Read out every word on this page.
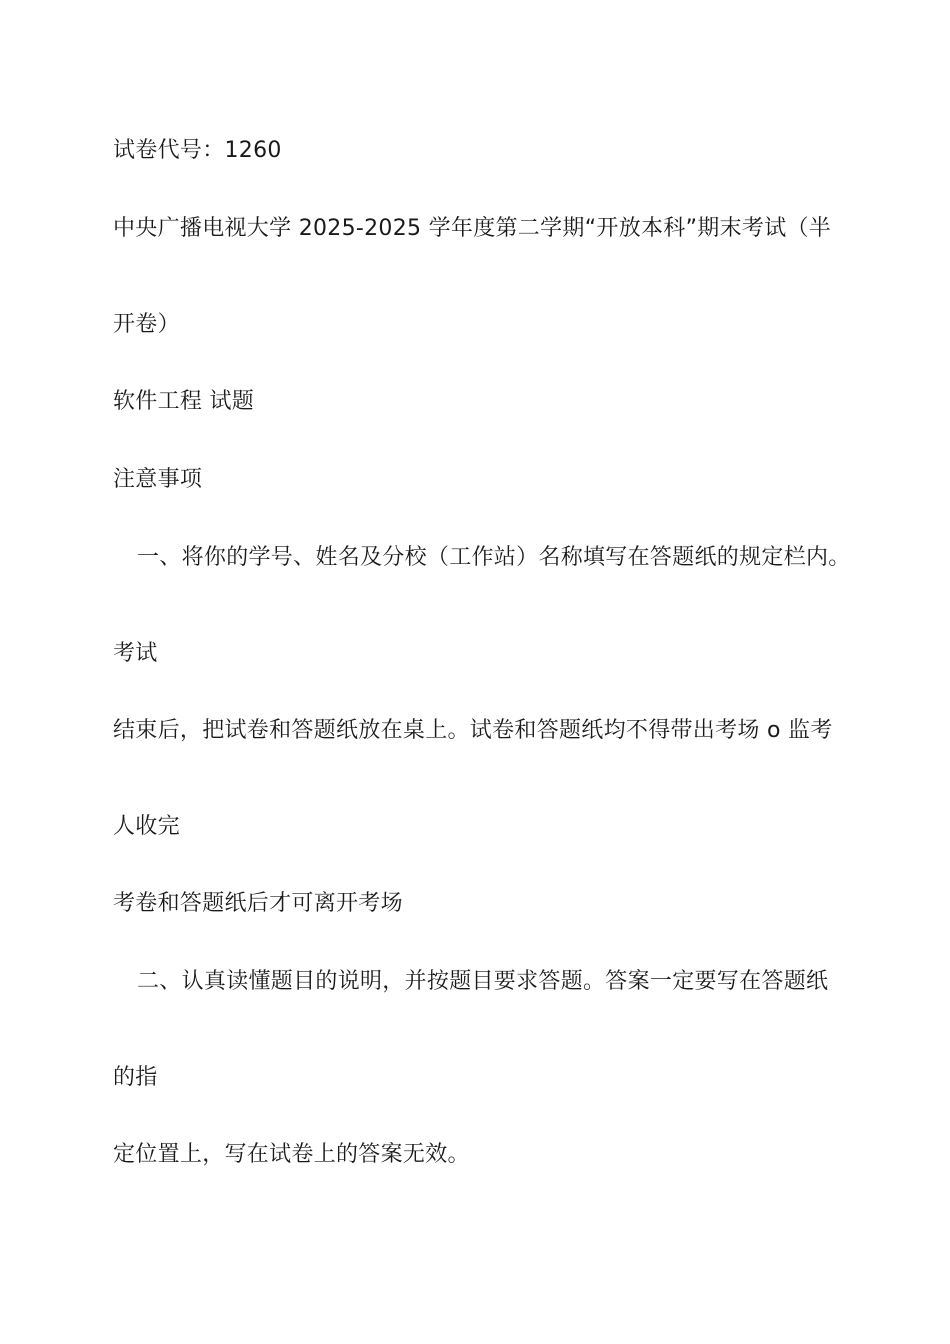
试卷代号：1260
中央广播电视大学 2025-2025 学年度第二学期“开放本科”期末考试（半
开卷）
软件工程 试题
注意事项
一、将你的学号、姓名及分校（工作站）名称填写在答题纸的规定栏内。
考试
结束后，把试卷和答题纸放在桌上。试卷和答题纸均不得带出考场 o 监考
人收完
考卷和答题纸后才可离开考场
二、认真读懂题目的说明，并按题目要求答题。答案一定要写在答题纸
的指
定位置上，写在试卷上的答案无效。
